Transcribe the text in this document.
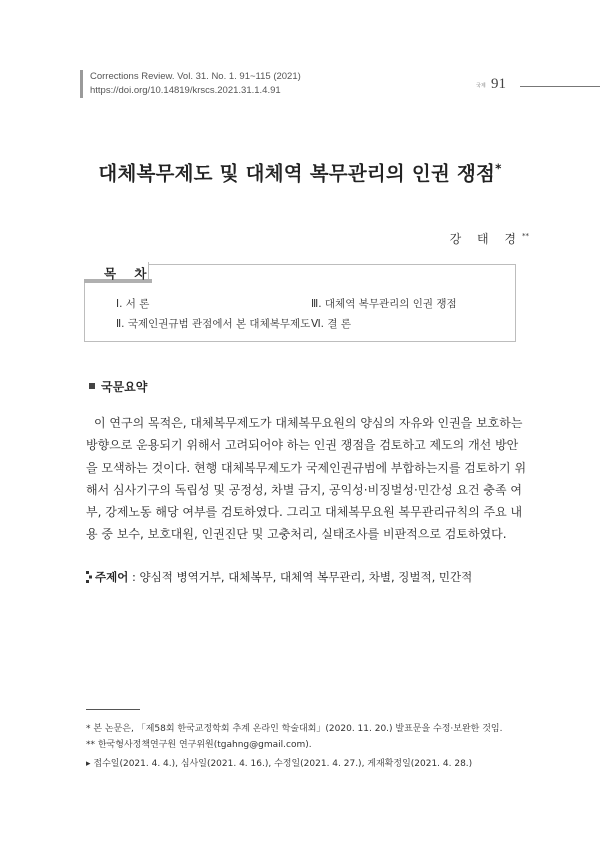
Corrections Review. Vol. 31. No. 1. 91~115 (2021)
https://doi.org/10.14819/krscs.2021.31.1.4.91	국제 91
대체복무제도 및 대체역 복무관리의 인권 쟁점*
강 태 경**
목 차
Ⅰ. 서 론	Ⅲ. 대체역 복무관리의 인권 쟁점
Ⅱ. 국제인권규범 관점에서 본 대체복무제도 Ⅵ. 결 론
국문요약
이 연구의 목적은, 대체복무제도가 대체복무요원의 양심의 자유와 인권을 보호하는
방향으로 운용되기 위해서 고려되어야 하는 인권 쟁점을 검토하고 제도의 개선 방안
을 모색하는 것이다. 현행 대체복무제도가 국제인권규범에 부합하는지를 검토하기 위
해서 심사기구의 독립성 및 공정성, 차별 금지, 공익성·비징벌성·민간성 요건 충족 여
부, 강제노동 해당 여부를 검토하였다. 그리고 대체복무요원 복무관리규칙의 주요 내
용 중 보수, 보호대원, 인권진단 및 고충처리, 실태조사를 비판적으로 검토하였다.
주제어 : 양심적 병역거부, 대체복무, 대체역 복무관리, 차별, 징벌적, 민간적
* 본 논문은, 「제58회 한국교정학회 추계 온라인 학술대회」(2020. 11. 20.) 발표문을 수정·보완한 것임.
** 한국형사정책연구원 연구위원(tgahng@gmail.com).
▸ 접수일(2021. 4. 4.), 심사일(2021. 4. 16.), 수정일(2021. 4. 27.), 게재확정일(2021. 4. 28.)
